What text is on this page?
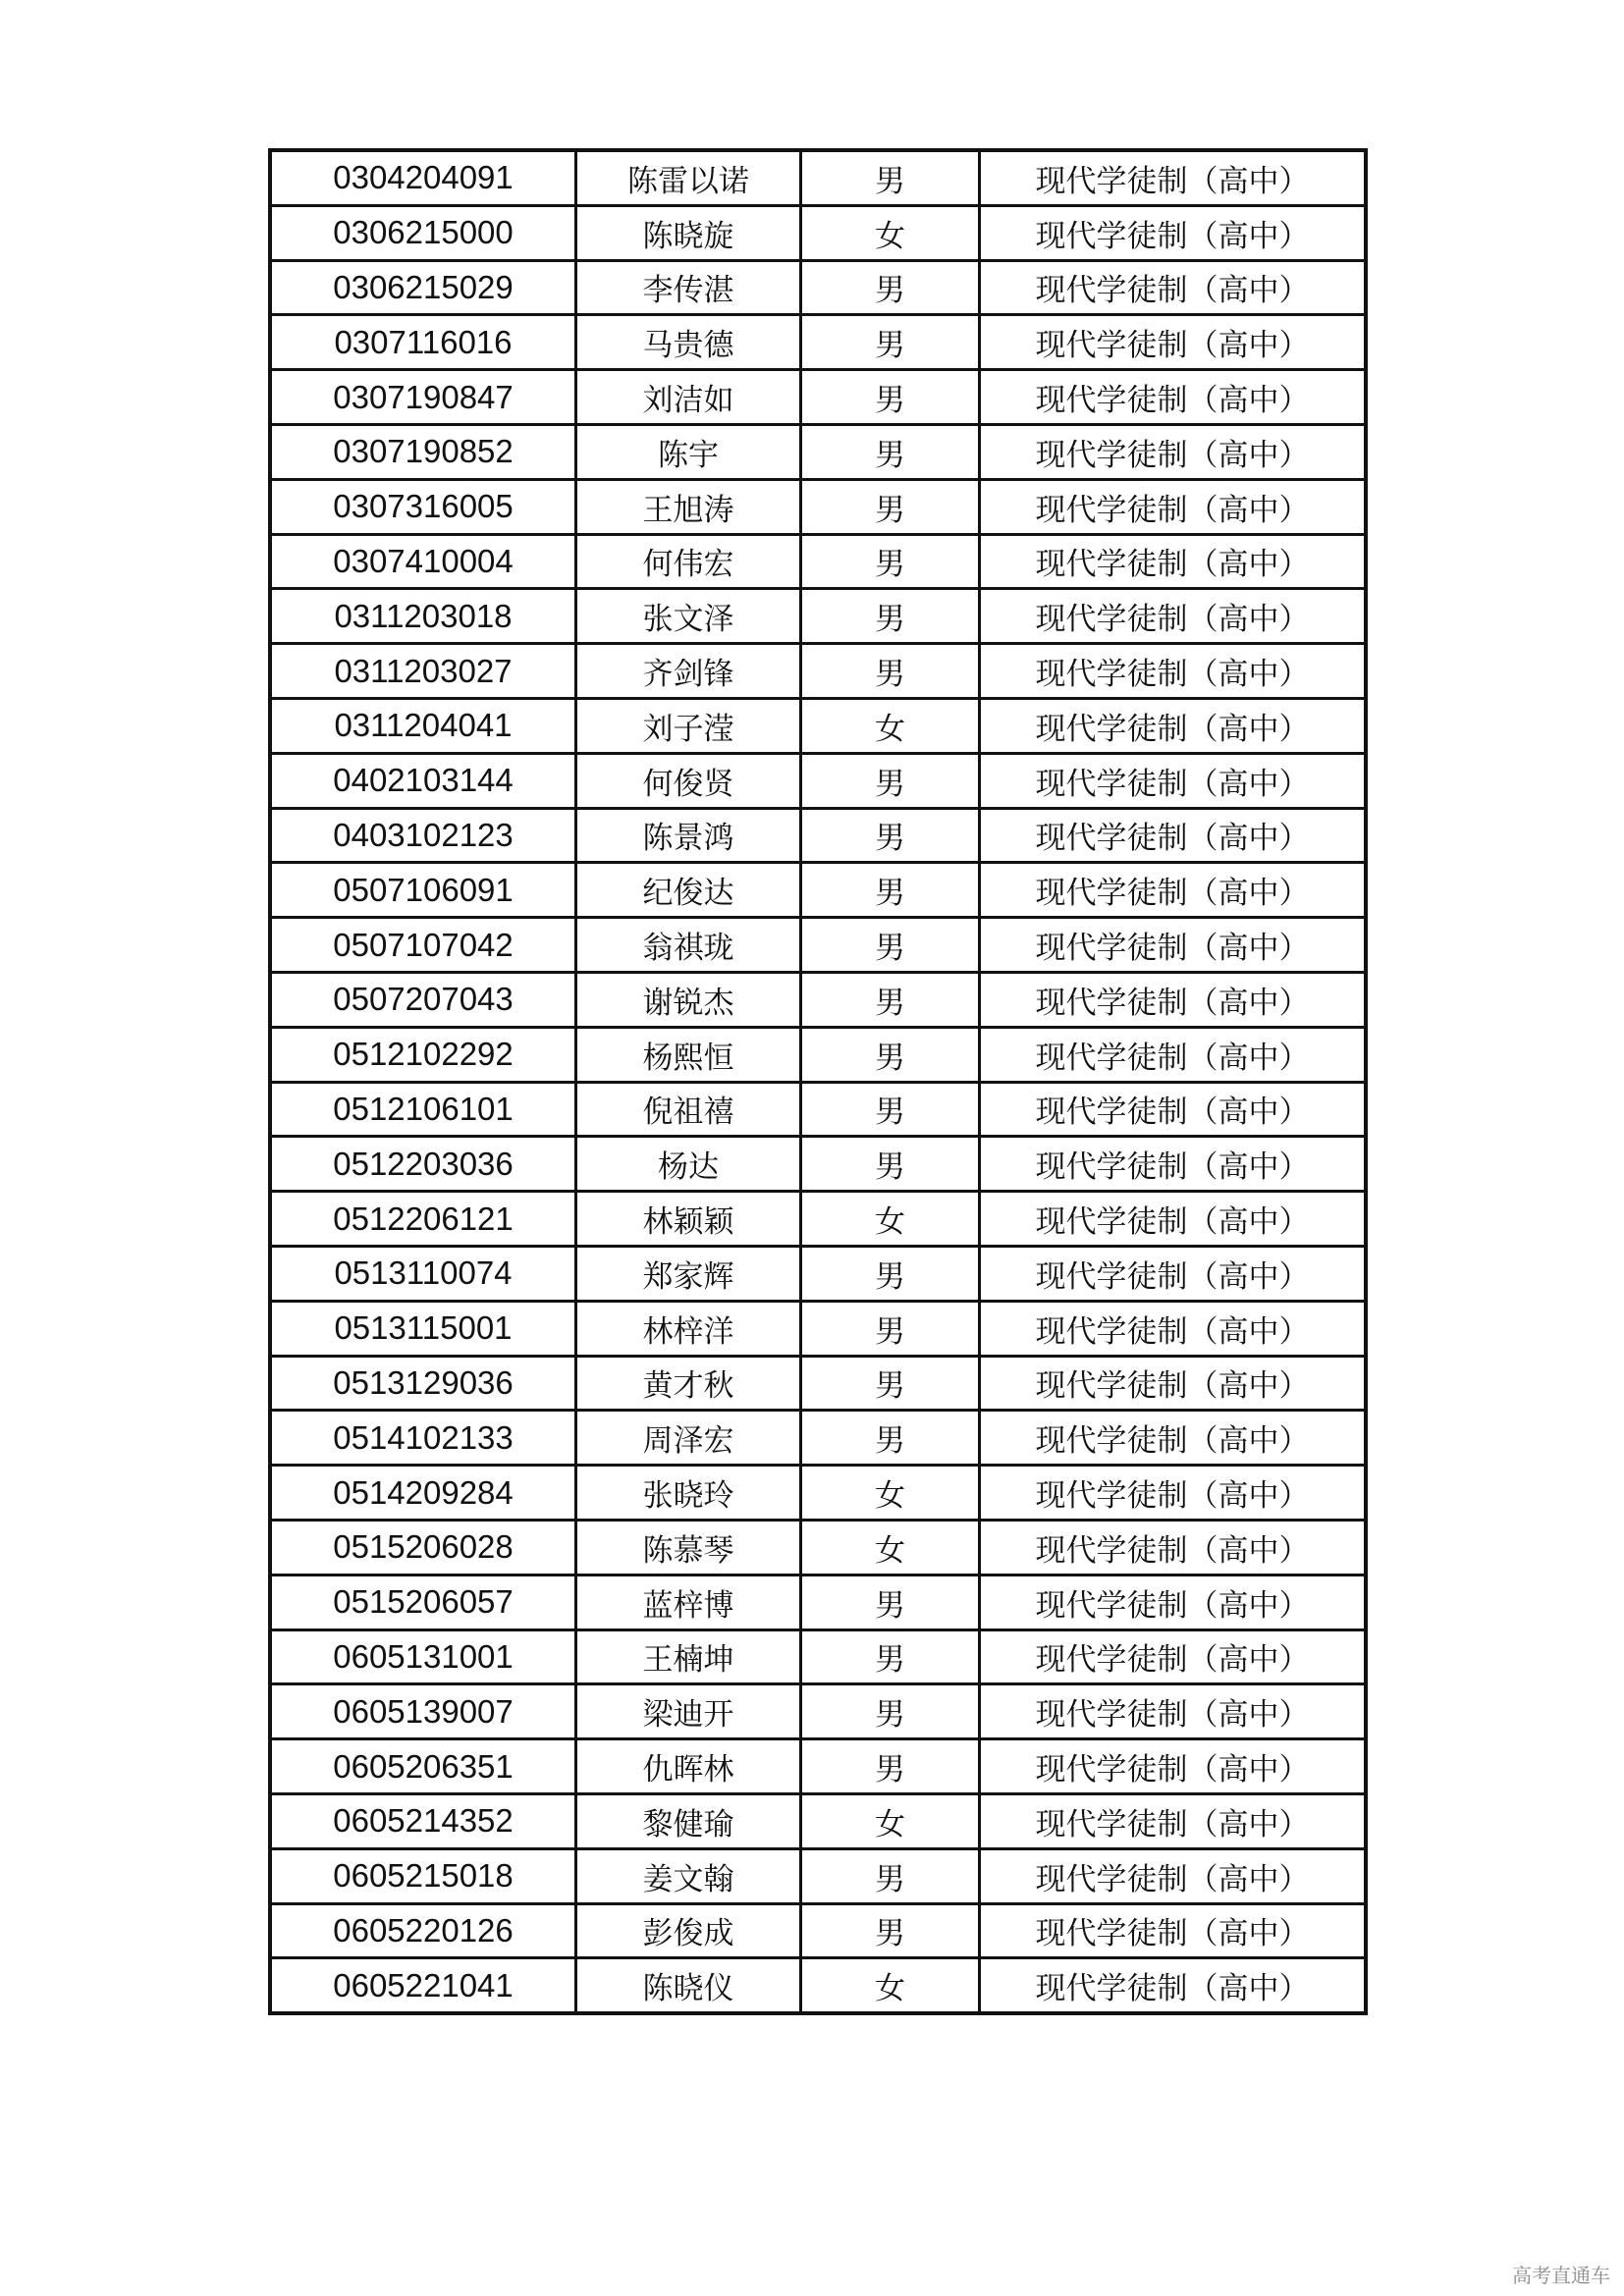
0304204091	陈雷以诺	男	现代学徒制（高中）
0306215000	陈晓旋	女	现代学徒制（高中）
0306215029	李传湛	男	现代学徒制（高中）
0307116016	马贵德	男	现代学徒制（高中）
0307190847	刘洁如	男	现代学徒制（高中）
0307190852	陈宇	男	现代学徒制（高中）
0307316005	王旭涛	男	现代学徒制（高中）
0307410004	何伟宏	男	现代学徒制（高中）
0311203018	张文泽	男	现代学徒制（高中）
0311203027	齐剑锋	男	现代学徒制（高中）
0311204041	刘子滢	女	现代学徒制（高中）
0402103144	何俊贤	男	现代学徒制（高中）
0403102123	陈景鸿	男	现代学徒制（高中）
0507106091	纪俊达	男	现代学徒制（高中）
0507107042	翁祺珑	男	现代学徒制（高中）
0507207043	谢锐杰	男	现代学徒制（高中）
0512102292	杨熙恒	男	现代学徒制（高中）
0512106101	倪祖禧	男	现代学徒制（高中）
0512203036	杨达	男	现代学徒制（高中）
0512206121	林颖颖	女	现代学徒制（高中）
0513110074	郑家辉	男	现代学徒制（高中）
0513115001	林梓洋	男	现代学徒制（高中）
0513129036	黄才秋	男	现代学徒制（高中）
0514102133	周泽宏	男	现代学徒制（高中）
0514209284	张晓玲	女	现代学徒制（高中）
0515206028	陈慕琴	女	现代学徒制（高中）
0515206057	蓝梓博	男	现代学徒制（高中）
0605131001	王楠坤	男	现代学徒制（高中）
0605139007	梁迪开	男	现代学徒制（高中）
0605206351	仇晖林	男	现代学徒制（高中）
0605214352	黎健瑜	女	现代学徒制（高中）
0605215018	姜文翰	男	现代学徒制（高中）
0605220126	彭俊成	男	现代学徒制（高中）
0605221041	陈晓仪	女	现代学徒制（高中）
高考直通车
